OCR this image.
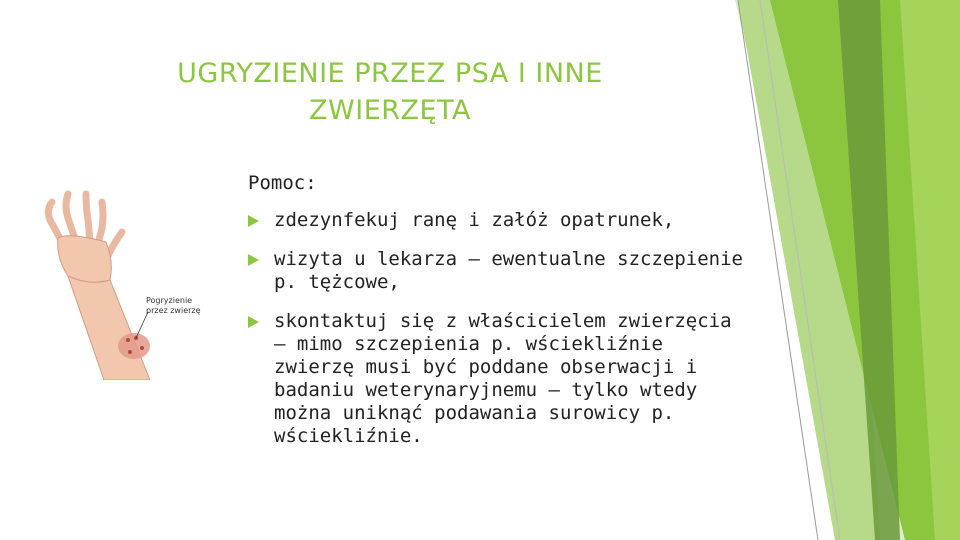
UGRYZIENIE PRZEZ PSA I INNE
ZWIERZĘTA
Pogryzienie
przez zwierzę

Pomoc:

zdezynfekuj ranę i załóż opatrunek,
wizyta u lekarza – ewentualne szczepienie p. tężcowe,
skontaktuj się z właścicielem zwierzęcia – mimo szczepienia p. wściekliźnie zwierzę musi być poddane obserwacji i badaniu weterynaryjnemu – tylko wtedy można uniknąć podawania surowicy p. wściekliźnie.
